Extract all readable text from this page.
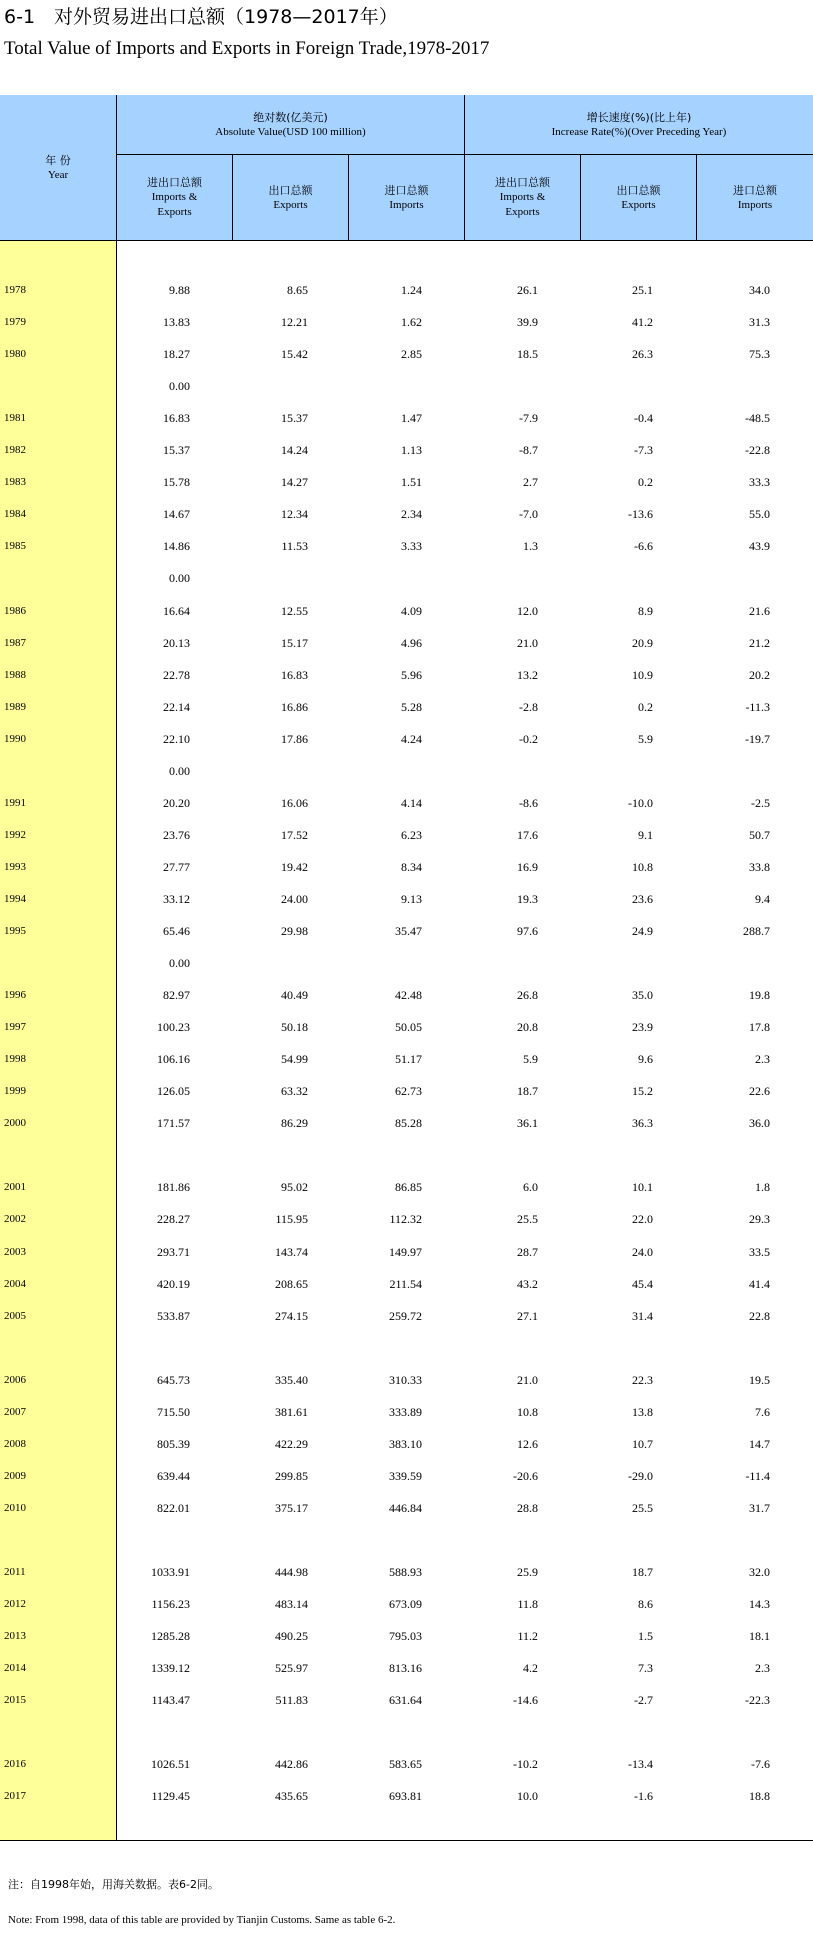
6-1　对外贸易进出口总额（1978—2017年）
Total Value of Imports and Exports in Foreign Trade,1978-2017
年 份
Year
绝对数(亿美元)
Absolute Value(USD 100 million)
增长速度(%)(比上年)
Increase Rate(%)(Over Preceding Year)
进出口总额
Imports &
Exports
出口总额
Exports
进口总额
Imports
进出口总额
Imports &
Exports
出口总额
Exports
进口总额
Imports
1978	9.88	8.65	1.24	26.1	25.1	34.0
1979	13.83	12.21	1.62	39.9	41.2	31.3
1980	18.27	15.42	2.85	18.5	26.3	75.3
0.00
1981	16.83	15.37	1.47	-7.9	-0.4	-48.5
1982	15.37	14.24	1.13	-8.7	-7.3	-22.8
1983	15.78	14.27	1.51	2.7	0.2	33.3
1984	14.67	12.34	2.34	-7.0	-13.6	55.0
1985	14.86	11.53	3.33	1.3	-6.6	43.9
0.00
1986	16.64	12.55	4.09	12.0	8.9	21.6
1987	20.13	15.17	4.96	21.0	20.9	21.2
1988	22.78	16.83	5.96	13.2	10.9	20.2
1989	22.14	16.86	5.28	-2.8	0.2	-11.3
1990	22.10	17.86	4.24	-0.2	5.9	-19.7
0.00
1991	20.20	16.06	4.14	-8.6	-10.0	-2.5
1992	23.76	17.52	6.23	17.6	9.1	50.7
1993	27.77	19.42	8.34	16.9	10.8	33.8
1994	33.12	24.00	9.13	19.3	23.6	9.4
1995	65.46	29.98	35.47	97.6	24.9	288.7
0.00
1996	82.97	40.49	42.48	26.8	35.0	19.8
1997	100.23	50.18	50.05	20.8	23.9	17.8
1998	106.16	54.99	51.17	5.9	9.6	2.3
1999	126.05	63.32	62.73	18.7	15.2	22.6
2000	171.57	86.29	85.28	36.1	36.3	36.0
2001	181.86	95.02	86.85	6.0	10.1	1.8
2002	228.27	115.95	112.32	25.5	22.0	29.3
2003	293.71	143.74	149.97	28.7	24.0	33.5
2004	420.19	208.65	211.54	43.2	45.4	41.4
2005	533.87	274.15	259.72	27.1	31.4	22.8
2006	645.73	335.40	310.33	21.0	22.3	19.5
2007	715.50	381.61	333.89	10.8	13.8	7.6
2008	805.39	422.29	383.10	12.6	10.7	14.7
2009	639.44	299.85	339.59	-20.6	-29.0	-11.4
2010	822.01	375.17	446.84	28.8	25.5	31.7
2011	1033.91	444.98	588.93	25.9	18.7	32.0
2012	1156.23	483.14	673.09	11.8	8.6	14.3
2013	1285.28	490.25	795.03	11.2	1.5	18.1
2014	1339.12	525.97	813.16	4.2	7.3	2.3
2015	1143.47	511.83	631.64	-14.6	-2.7	-22.3
2016	1026.51	442.86	583.65	-10.2	-13.4	-7.6
2017	1129.45	435.65	693.81	10.0	-1.6	18.8
注：自1998年始，用海关数据。表6-2同。
Note: From 1998, data of this table are provided by Tianjin Customs. Same as table 6-2.
